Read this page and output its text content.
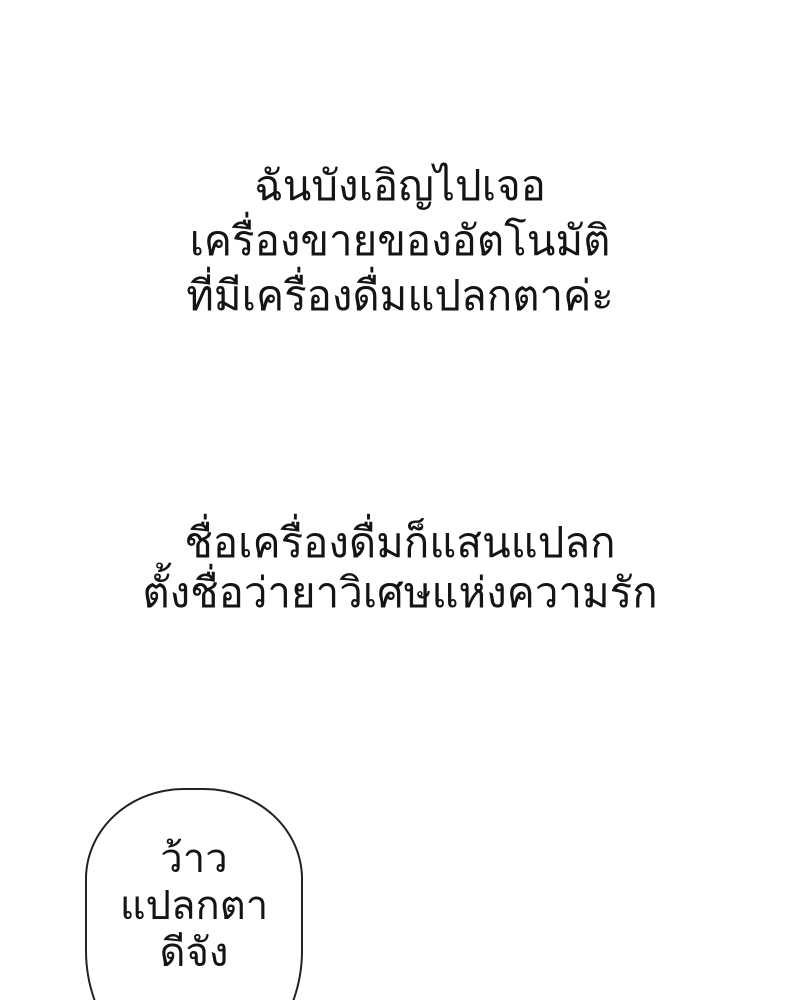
ฉันบังเอิญไปเจอ
เครื่องขายของอัตโนมัติ
ที่มีเครื่องดื่มแปลกตาค่ะ
ชื่อเครื่องดื่มก็แสนแปลก
ตั้งชื่อว่ายาวิเศษแห่งความรัก
ว้าว
แปลกตา
ดีจัง
